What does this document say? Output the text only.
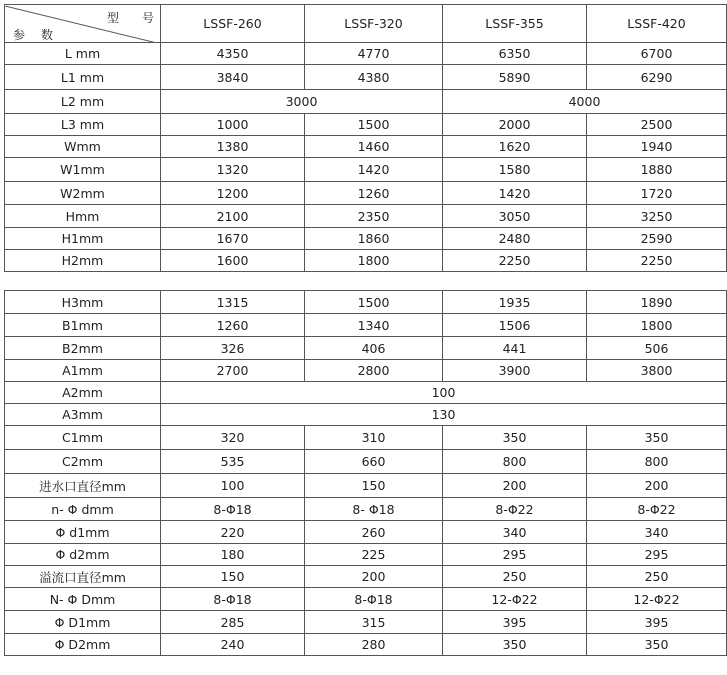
型 号
参 数	LSSF-260	LSSF-320	LSSF-355	LSSF-420
L mm	4350	4770	6350	6700
L1 mm	3840	4380	5890	6290
L2 mm	3000		4000	
L3 mm	1000	1500	2000	2500
Wmm	1380	1460	1620	1940
W1mm	1320	1420	1580	1880
W2mm	1200	1260	1420	1720
Hmm	2100	2350	3050	3250
H1mm	1670	1860	2480	2590
H2mm	1600	1800	2250	2250
H3mm	1315	1500	1935	1890
B1mm	1260	1340	1506	1800
B2mm	326	406	441	506
A1mm	2700	2800	3900	3800
A2mm	100			
A3mm	130			
C1mm	320	310	350	350
C2mm	535	660	800	800
进水口直径mm	100	150	200	200
n- Φ dmm	8-Φ18	8- Φ18	8-Φ22	8-Φ22
Φ d1mm	220	260	340	340
Φ d2mm	180	225	295	295
溢流口直径mm	150	200	250	250
N- Φ Dmm	8-Φ18	8-Φ18	12-Φ22	12-Φ22
Φ D1mm	285	315	395	395
Φ D2mm	240	280	350	350
